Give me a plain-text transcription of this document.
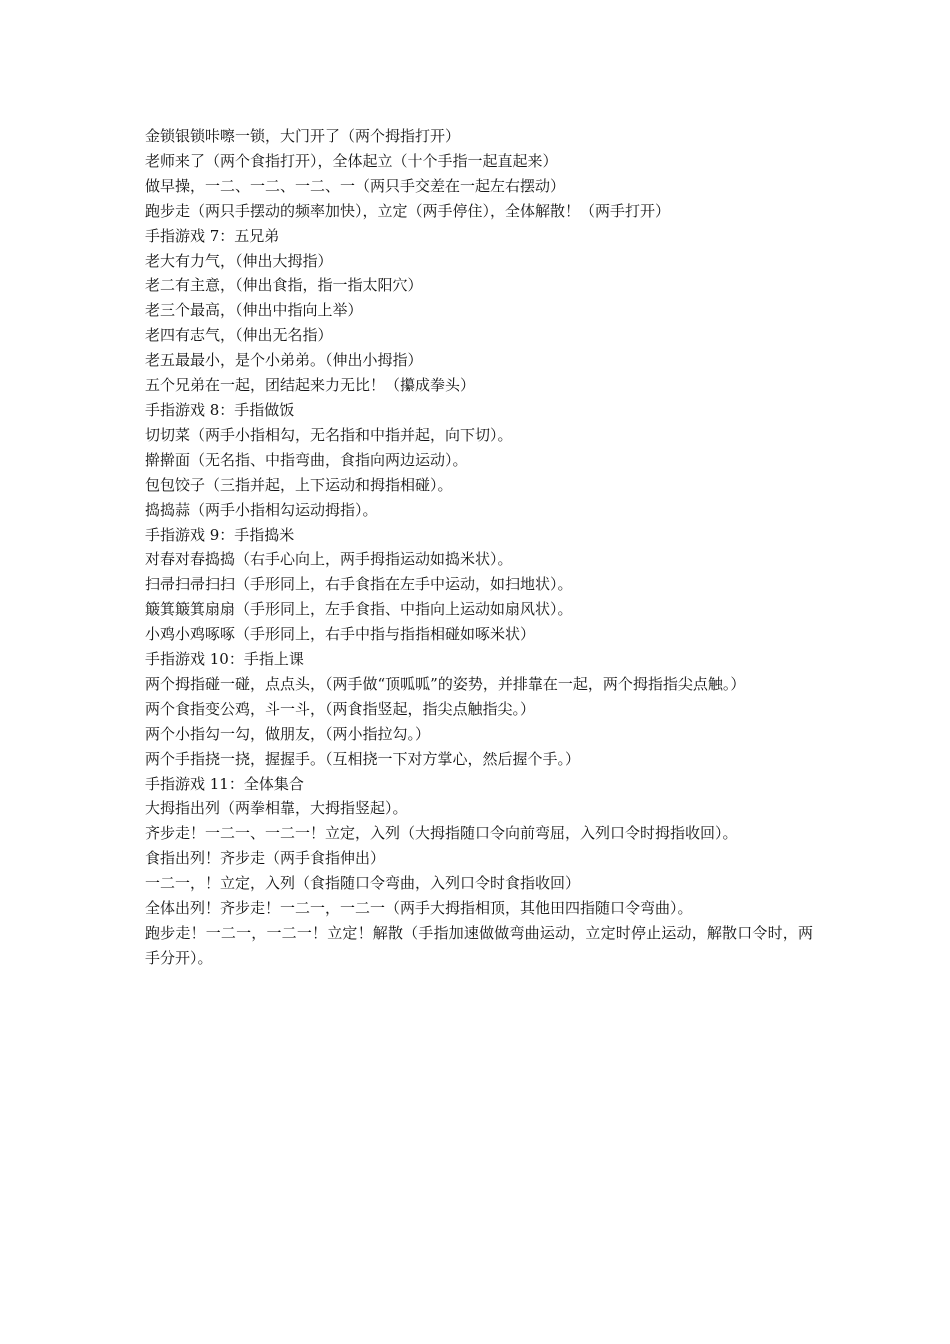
金锁银锁咔嚓一锁，大门开了（两个拇指打开）
老师来了（两个食指打开），全体起立（十个手指一起直起来）
做早操，一二、一二、一二、一（两只手交差在一起左右摆动）
跑步走（两只手摆动的频率加快），立定（两手停住），全体解散！（两手打开）
手指游戏 7：五兄弟
老大有力气，（伸出大拇指）
老二有主意，（伸出食指，指一指太阳穴）
老三个最高，（伸出中指向上举）
老四有志气，（伸出无名指）
老五最最小，是个小弟弟。（伸出小拇指）
五个兄弟在一起，团结起来力无比！（攥成拳头）
手指游戏 8：手指做饭
切切菜（两手小指相勾，无名指和中指并起，向下切）。
擀擀面（无名指、中指弯曲，食指向两边运动）。
包包饺子（三指并起，上下运动和拇指相碰）。
捣捣蒜（两手小指相勾运动拇指）。
手指游戏 9：手指捣米
对春对春捣捣（右手心向上，两手拇指运动如捣米状）。
扫帚扫帚扫扫（手形同上，右手食指在左手中运动，如扫地状）。
簸箕簸箕扇扇（手形同上，左手食指、中指向上运动如扇风状）。
小鸡小鸡啄啄（手形同上，右手中指与指指相碰如啄米状）
手指游戏 10：手指上课
两个拇指碰一碰，点点头，（两手做“顶呱呱”的姿势，并排靠在一起，两个拇指指尖点触。）
两个食指变公鸡，斗一斗，（两食指竖起，指尖点触指尖。）
两个小指勾一勾，做朋友，（两小指拉勾。）
两个手指挠一挠，握握手。（互相挠一下对方掌心，然后握个手。）
手指游戏 11：全体集合
大拇指出列（两拳相靠，大拇指竖起）。
齐步走！一二一、一二一！立定，入列（大拇指随口令向前弯屈，入列口令时拇指收回）。
食指出列！齐步走（两手食指伸出）
一二一，！立定，入列（食指随口令弯曲，入列口令时食指收回）
全体出列！齐步走！一二一，一二一（两手大拇指相顶，其他田四指随口令弯曲）。
跑步走！一二一，一二一！立定！解散（手指加速做做弯曲运动，立定时停止运动，解散口令时，两手分开）。
